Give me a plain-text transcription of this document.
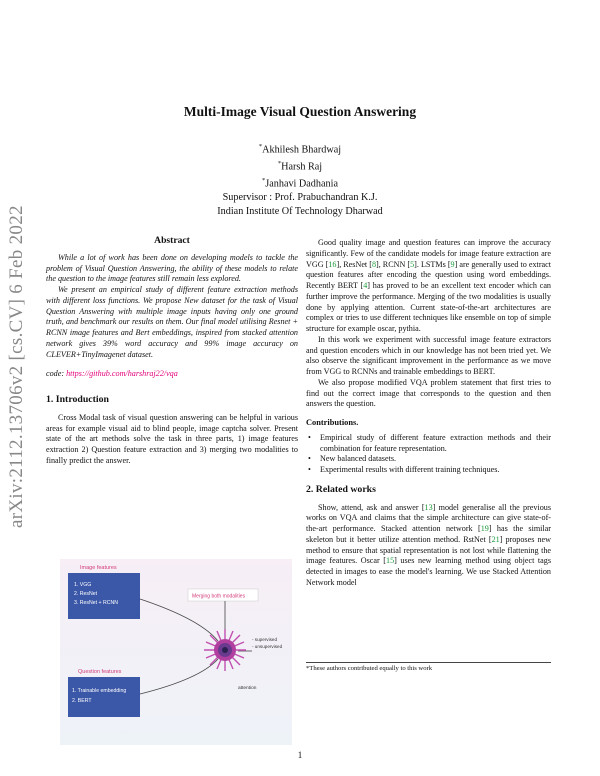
arXiv:2112.13706v2 [cs.CV] 6 Feb 2022
Multi-Image Visual Question Answering
*Akhilesh Bhardwaj
*Harsh Raj
*Janhavi Dadhania
Supervisor : Prof. Prabuchandran K.J.
Indian Institute Of Technology Dharwad
Abstract

While a lot of work has been done on developing models to tackle the problem of Visual Question Answering, the ability of these models to relate the question to the image features still remain less explored.

We present an empirical study of different feature extraction methods with different loss functions. We propose New dataset for the task of Visual Question Answering with multiple image inputs having only one ground truth, and benchmark our results on them. Our final model utilising Resnet + RCNN image features and Bert embeddings, inspired from stacked attention network gives 39% word accuracy and 99% image accuracy on CLEVER+TinyImagenet dataset.

code: https://github.com/harshraj22/vqa

1. Introduction

Cross Modal task of visual question answering can be helpful in various areas for example visual aid to blind people, image captcha solver. Present state of the art methods solve the task in three parts, 1) image features extraction 2) Question feature extraction and 3) merging two modalities to finally predict the answer.

Image features
1. VGG
2. ResNet
3. ResNet + RCNN
Question features
1. Trainable embedding
2. BERT
Merging both modalities
- supervised - unsupervised
attention

Good quality image and question features can improve the accuracy significantly. Few of the candidate models for image feature extraction are VGG [16], ResNet [8], RCNN [5]. LSTMs [9] are generally used to extract question features after encoding the question using word embeddings. Recently BERT [4] has proved to be an excellent text encoder which can further improve the performance. Merging of the two modalities is usually done by applying attention. Current state-of-the-art architectures are complex or tries to use different techniques like ensemble on top of simple structure for example oscar, pythia.

In this work we experiment with successful image feature extractors and question encoders which in our knowledge has not been tried yet. We also observe the significant improvement in the performance as we move from VGG to RCNNs and trainable embeddings to BERT.

We also propose modified VQA problem statement that first tries to find out the correct image that corresponds to the question and then answers the question.

Contributions.
• Empirical study of different feature extraction methods and their combination for feature representation.
• New balanced datasets.
• Experimental results with different training techniques.
2. Related works

Show, attend, ask and answer [13] model generalise all the previous works on VQA and claims that the simple architecture can give state-of-the-art performance. Stacked attention network [19] has the similar skeleton but it better utilize attention method. RstNet [21] proposes new method to ensure that spatial representation is not lost while flattening the image features. Oscar [15] uses new learning method using object tags detected in images to ease the model's learning. We use Stacked Attention Network model

*These authors contributed equally to this work
1
